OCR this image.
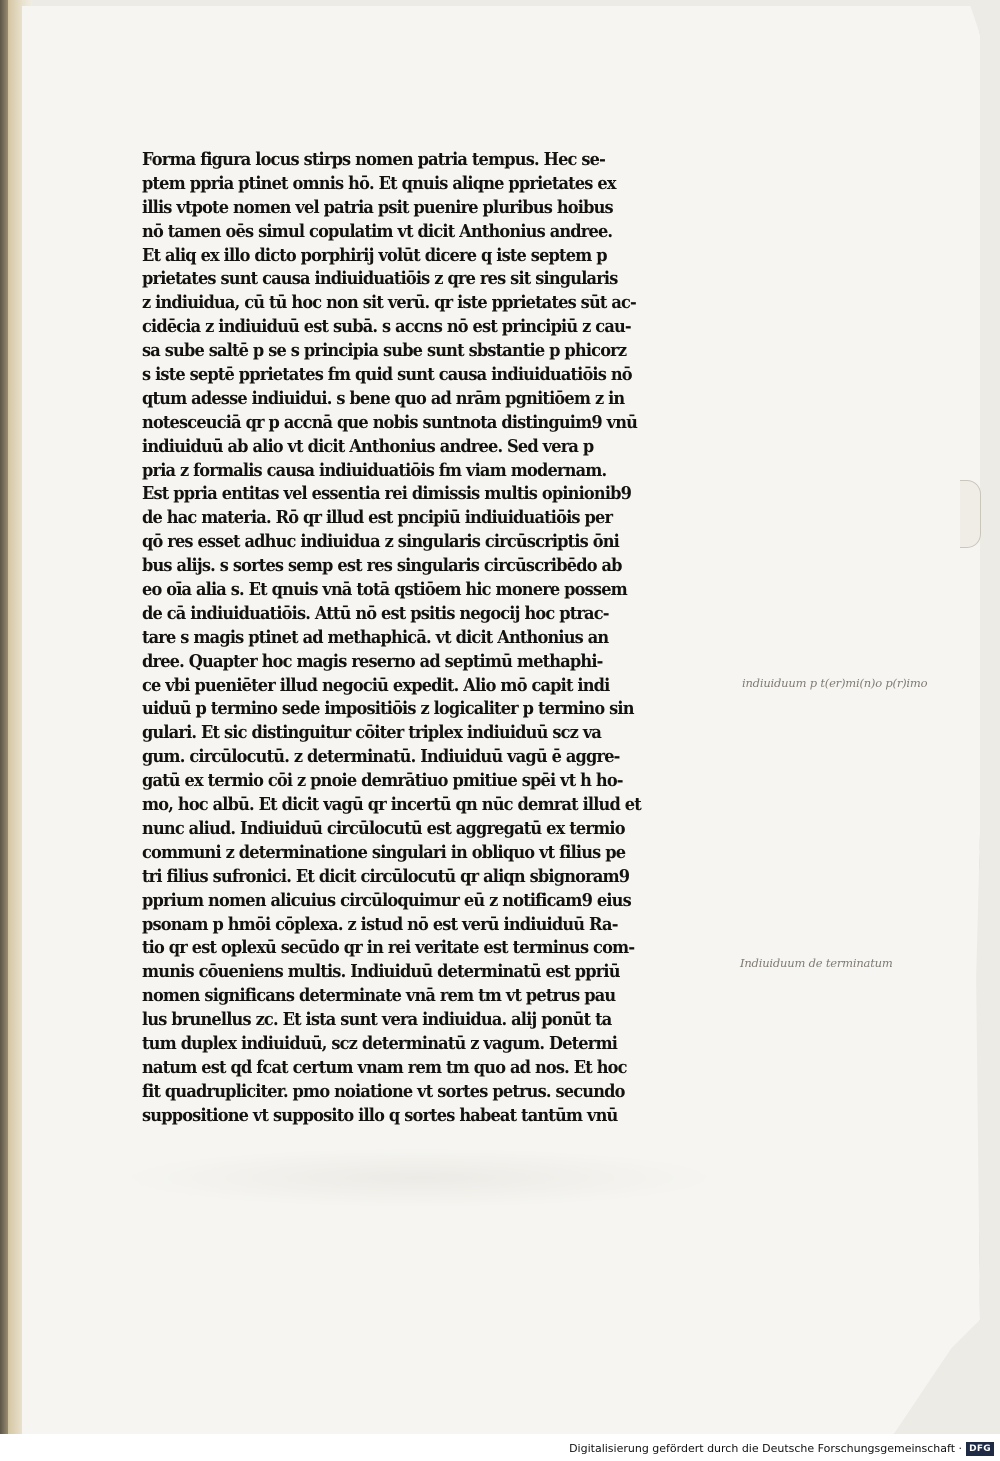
Forma figura locus stirps nomen patria tempus. Hec se-
ptem ppria ptinet omnis hō. Et qnuis aliqne pprietates ex
illis vtpote nomen vel patria psit puenire pluribus hoibus
nō tamen oēs simul copulatim vt dicit Anthonius andree.
Et aliq ex illo dicto porphirij volūt dicere q iste septem p
prietates sunt causa indiuiduatiōis z qre res sit singularis
z indiuidua, cū tū hoc non sit verū. qr iste pprietates sūt ac-
cidēcia z indiuiduū est subā. s accns nō est principiū z cau-
sa sube saltē p se s principia sube sunt sbstantie p phicorz
s iste septē pprietates fm quid sunt causa indiuiduatiōis nō
qtum adesse indiuidui. s bene quo ad nrām pgnitiōem z in
notesceuciā qr p accnā que nobis suntnota distinguim9 vnū
indiuiduū ab alio vt dicit Anthonius andree. Sed vera p
pria z formalis causa indiuiduatiōis fm viam modernam.
Est ppria entitas vel essentia rei dimissis multis opinionib9
de hac materia. Rō qr illud est pncipiū indiuiduatiōis per
qō res esset adhuc indiuidua z singularis circūscriptis ōni
bus alijs. s sortes semp est res singularis circūscribēdo ab
eo oīa alia s. Et qnuis vnā totā qstiōem hic monere possem
de cā indiuiduatiōis. Attū nō est psitis negocij hoc ptrac-
tare s magis ptinet ad methaphicā. vt dicit Anthonius an
dree. Quapter hoc magis reserno ad septimū methaphi-
ce vbi pueniēter illud negociū expedit. Alio mō capit indi
uiduū p termino sede impositiōis z logicaliter p termino sin
gulari. Et sic distinguitur cōiter triplex indiuiduū scz va
gum. circūlocutū. z determinatū. Indiuiduū vagū ē aggre-
gatū ex termio cōi z pnoie demrātiuo pmitiue spēi vt h ho-
mo, hoc albū. Et dicit vagū qr incertū qn nūc demrat illud et
nunc aliud. Indiuiduū circūlocutū est aggregatū ex termio
communi z determinatione singulari in obliquo vt filius pe
tri filius sufronici. Et dicit circūlocutū qr aliqn sbignoram9
pprium nomen alicuius circūloquimur eū z notificam9 eius
psonam p hmōi cōplexa. z istud nō est verū indiuiduū Ra-
tio qr est oplexū secūdo qr in rei veritate est terminus com-
munis cōueniens multis. Indiuiduū determinatū est ppriū
nomen significans determinate vnā rem tm vt petrus pau
lus brunellus zc. Et ista sunt vera indiuidua. alij ponūt ta
tum duplex indiuiduū, scz determinatū z vagum. Determi
natum est qd fcat certum vnam rem tm quo ad nos. Et hoc
fit quadrupliciter. pmo noiatione vt sortes petrus. secundo
suppositione vt supposito illo q sortes habeat tantūm vnū
indiuiduum p t(er)mi(n)o p(r)imo
Indiuiduum de terminatum
Digitalisierung gefördert durch die Deutsche Forschungsgemeinschaft · DFG
